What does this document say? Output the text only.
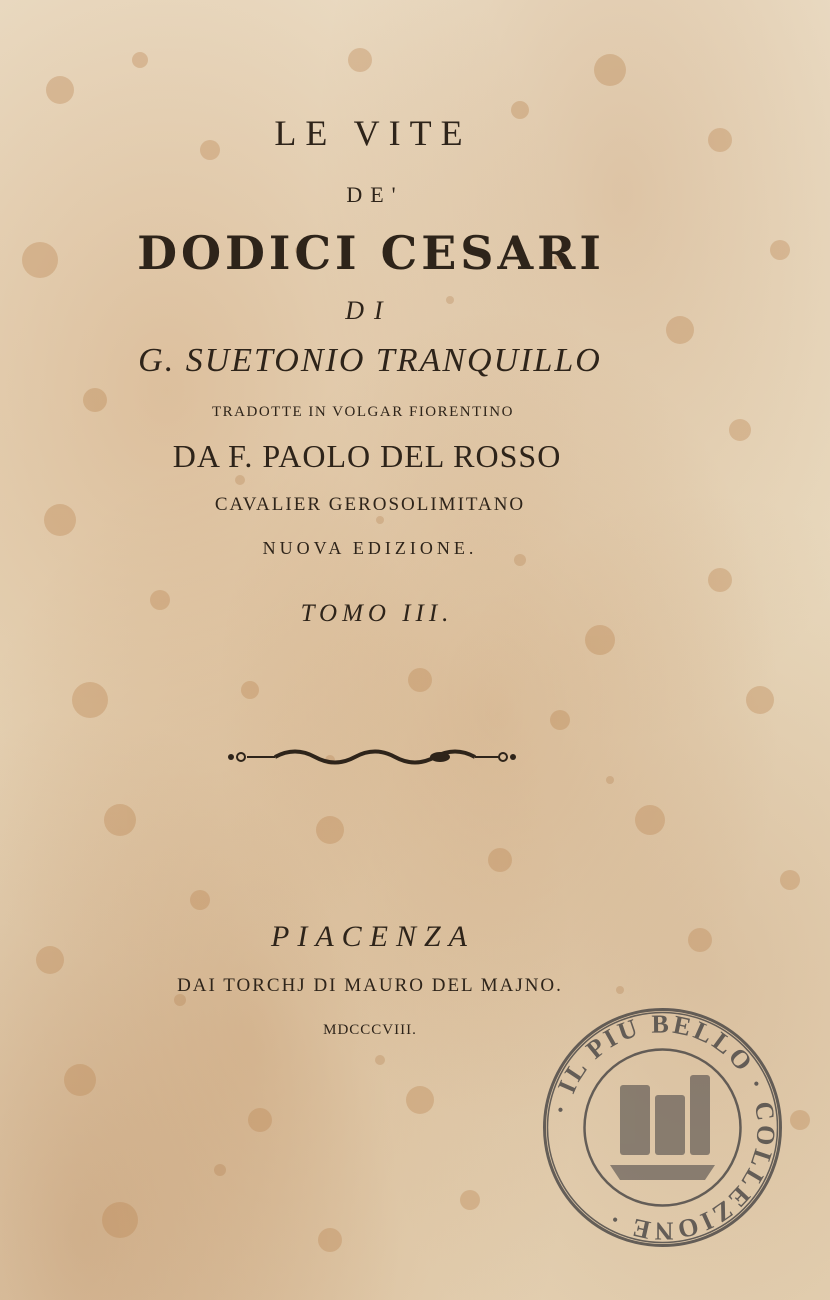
LE VITE
DE'
DODICI CESARI
DI
G. SUETONIO TRANQUILLO
TRADOTTE IN VOLGAR FIORENTINO
DA F. PAOLO DEL ROSSO
CAVALIER GEROSOLIMITANO
NUOVA EDIZIONE.
TOMO III.
PIACENZA
DAI TORCHJ DI MAURO DEL MAJNO.
MDCCCVIII.
· IL PIU BELLO · COLLEZIONE ·
